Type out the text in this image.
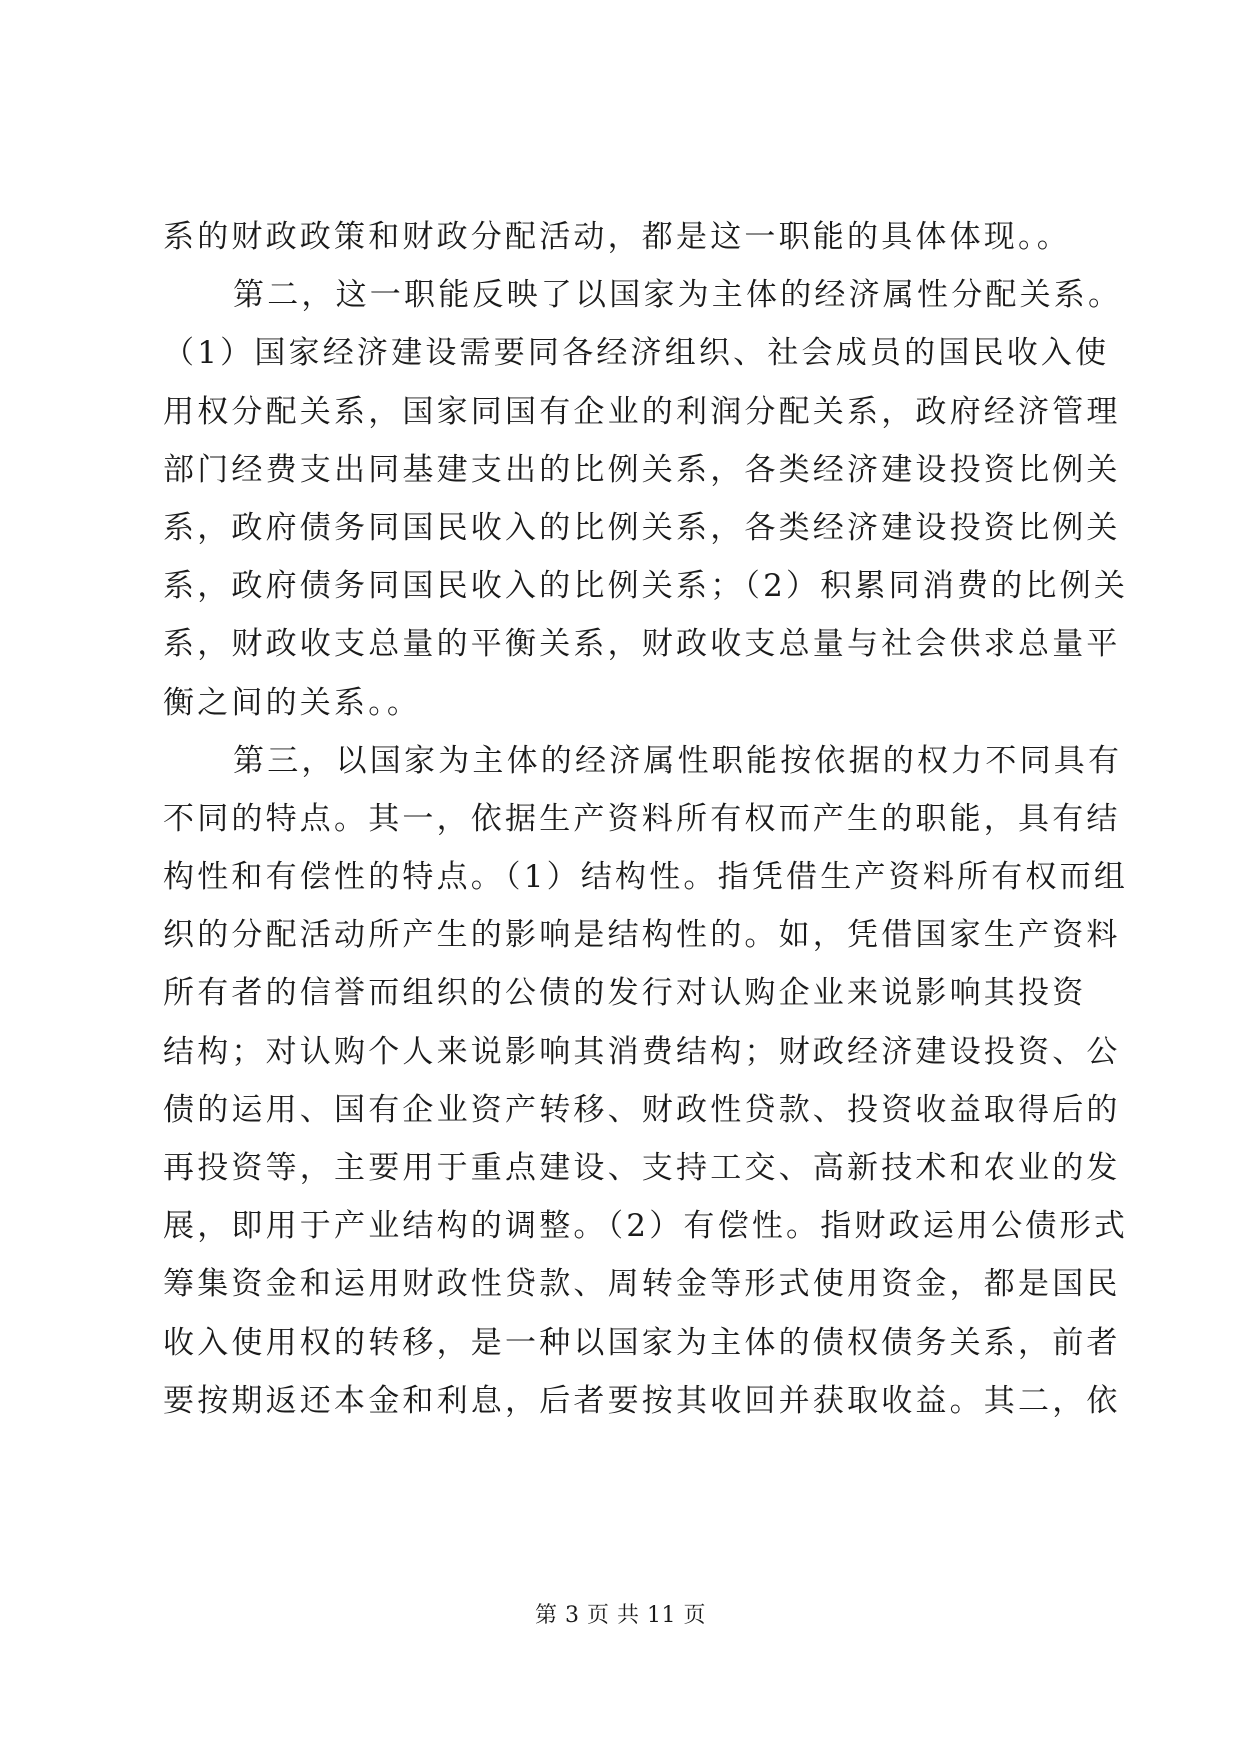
系的财政政策和财政分配活动，都是这一职能的具体体现。。
第二，这一职能反映了以国家为主体的经济属性分配关系。
（1）国家经济建设需要同各经济组织、社会成员的国民收入使
用权分配关系，国家同国有企业的利润分配关系，政府经济管理
部门经费支出同基建支出的比例关系，各类经济建设投资比例关
系，政府债务同国民收入的比例关系，各类经济建设投资比例关
系，政府债务同国民收入的比例关系；（2）积累同消费的比例关
系，财政收支总量的平衡关系，财政收支总量与社会供求总量平
衡之间的关系。。
第三，以国家为主体的经济属性职能按依据的权力不同具有
不同的特点。其一，依据生产资料所有权而产生的职能，具有结
构性和有偿性的特点。（1）结构性。指凭借生产资料所有权而组
织的分配活动所产生的影响是结构性的。如，凭借国家生产资料
所有者的信誉而组织的公债的发行对认购企业来说影响其投资
结构；对认购个人来说影响其消费结构；财政经济建设投资、公
债的运用、国有企业资产转移、财政性贷款、投资收益取得后的
再投资等，主要用于重点建设、支持工交、高新技术和农业的发
展，即用于产业结构的调整。（2）有偿性。指财政运用公债形式
筹集资金和运用财政性贷款、周转金等形式使用资金，都是国民
收入使用权的转移，是一种以国家为主体的债权债务关系，前者
要按期返还本金和利息，后者要按其收回并获取收益。其二，依
第 3 页 共 11 页
